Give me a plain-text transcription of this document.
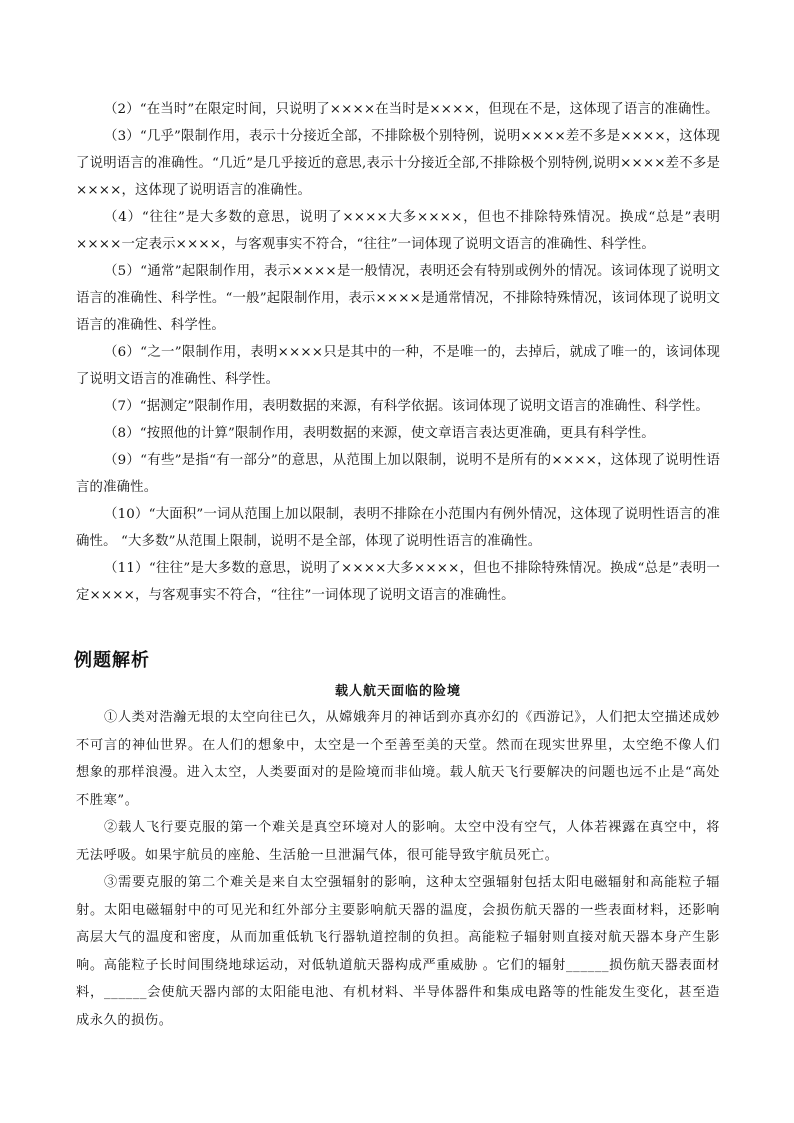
（2）“在当时”在限定时间，只说明了××××在当时是××××，但现在不是，这体现了语言的准确性。

（3）“几乎”限制作用，表示十分接近全部，不排除极个别特例，说明××××差不多是××××，这体现了说明语言的准确性。“几近”是几乎接近的意思,表示十分接近全部,不排除极个别特例,说明××××差不多是××××，这体现了说明语言的准确性。

（4）“往往”是大多数的意思，说明了××××大多××××，但也不排除特殊情况。换成“总是”表明××××一定表示××××，与客观事实不符合，“往往”一词体现了说明文语言的准确性、科学性。

（5）“通常”起限制作用，表示××××是一般情况，表明还会有特别或例外的情况。该词体现了说明文语言的准确性、科学性。“一般”起限制作用，表示××××是通常情况，不排除特殊情况，该词体现了说明文语言的准确性、科学性。

（6）“之一”限制作用，表明××××只是其中的一种，不是唯一的，去掉后，就成了唯一的，该词体现了说明文语言的准确性、科学性。

（7）“据测定”限制作用，表明数据的来源，有科学依据。该词体现了说明文语言的准确性、科学性。

（8）“按照他的计算”限制作用，表明数据的来源，使文章语言表达更准确，更具有科学性。

（9）“有些”是指“有一部分”的意思，从范围上加以限制，说明不是所有的××××，这体现了说明性语言的准确性。

（10）“大面积”一词从范围上加以限制，表明不排除在小范围内有例外情况，这体现了说明性语言的准确性。 “大多数”从范围上限制，说明不是全部，体现了说明性语言的准确性。

（11）“往往”是大多数的意思，说明了××××大多××××，但也不排除特殊情况。换成“总是”表明一定××××，与客观事实不符合，“往往”一词体现了说明文语言的准确性。

例题解析
载人航天面临的险境

①人类对浩瀚无垠的太空向往已久，从嫦娥奔月的神话到亦真亦幻的《西游记》，人们把太空描述成妙不可言的神仙世界。在人们的想象中，太空是一个至善至美的天堂。然而在现实世界里，太空绝不像人们想象的那样浪漫。进入太空，人类要面对的是险境而非仙境。载人航天飞行要解决的问题也远不止是“高处不胜寒”。

②载人飞行要克服的第一个难关是真空环境对人的影响。太空中没有空气，人体若裸露在真空中，将无法呼吸。如果宇航员的座舱、生活舱一旦泄漏气体，很可能导致宇航员死亡。

③需要克服的第二个难关是来自太空强辐射的影响，这种太空强辐射包括太阳电磁辐射和高能粒子辐射。太阳电磁辐射中的可见光和红外部分主要影响航天器的温度，会损伤航天器的一些表面材料，还影响高层大气的温度和密度，从而加重低轨飞行器轨道控制的负担。高能粒子辐射则直接对航天器本身产生影响。高能粒子长时间围绕地球运动，对低轨道航天器构成严重威胁 。它们的辐射______损伤航天器表面材料，______会使航天器内部的太阳能电池、有机材料、半导体器件和集成电路等的性能发生变化，甚至造成永久的损伤。
